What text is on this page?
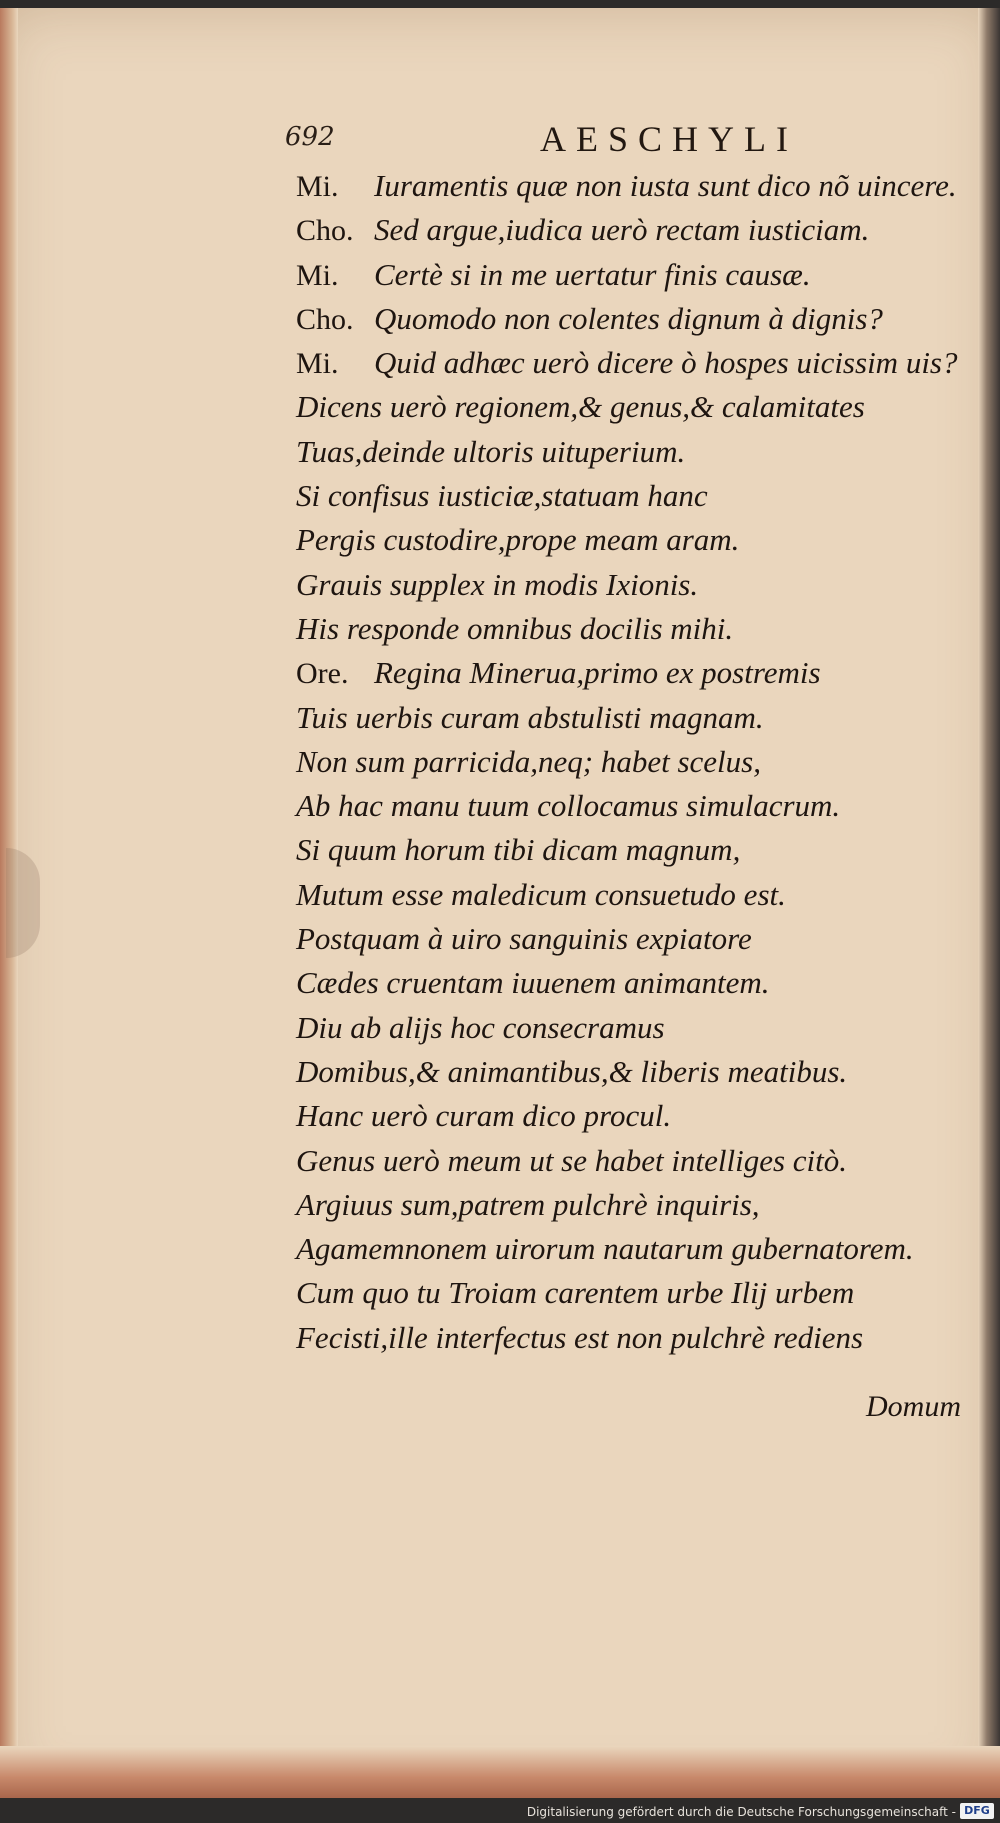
692	AESCHYLI
Mi.	Iuramentis quæ non iusta sunt dico nõ uincere.
Cho. Sed argue,iudica uerò rectam iusticiam.
Mi.	Certè si in me uertatur finis causæ.
Cho. Quomodo non colentes dignum à dignis?
Mi.	Quid adhæc uerò dicere ò hospes uicissim uis?
Dicens uerò regionem,& genus,& calamitates
Tuas,deinde ultoris uituperium.
Si confisus iusticiæ,statuam hanc
Pergis custodire,prope meam aram.
Grauis supplex in modis Ixionis.
His responde omnibus docilis mihi.
Ore. Regina Minerua,primo ex postremis
Tuis uerbis curam abstulisti magnam.
Non sum parricida,neq; habet scelus,
Ab hac manu tuum collocamus simulacrum.
Si quum horum tibi dicam magnum,
Mutum esse maledicum consuetudo est.
Postquam à uiro sanguinis expiatore
Cædes cruentam iuuenem animantem.
Diu ab alijs hoc consecramus
Domibus,& animantibus,& liberis meatibus.
Hanc uerò curam dico procul.
Genus uerò meum ut se habet intelliges citò.
Argiuus sum,patrem pulchrè inquiris,
Agamemnonem uirorum nautarum gubernatorem.
Cum quo tu Troiam carentem urbe Ilij urbem
Fecisti,ille interfectus est non pulchrè rediens
Domum
Digitalisierung gefördert durch die Deutsche Forschungsgemeinschaft - DFG
